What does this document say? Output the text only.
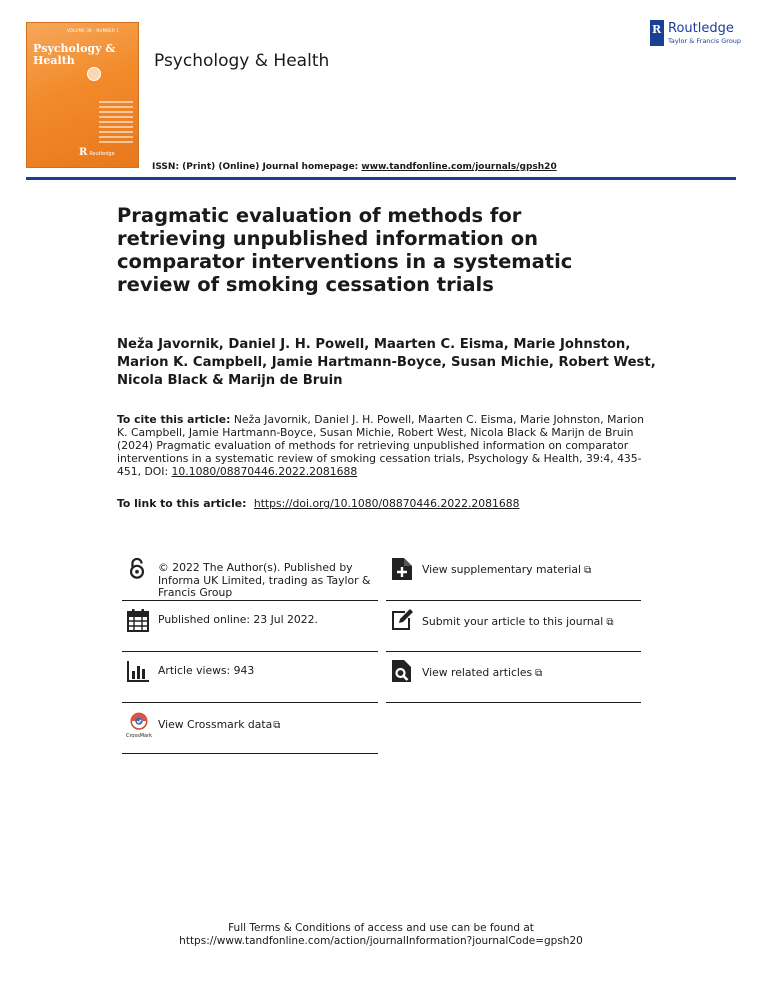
VOLUME 38 · NUMBER 1
Psychology & Health
R Routledge
Psychology & Health
R
Routledge
Taylor & Francis Group
ISSN: (Print) (Online) Journal homepage: www.tandfonline.com/journals/gpsh20
Pragmatic evaluation of methods for retrieving unpublished information on comparator interventions in a systematic review of smoking cessation trials
Neža Javornik, Daniel J. H. Powell, Maarten C. Eisma, Marie Johnston, Marion K. Campbell, Jamie Hartmann-Boyce, Susan Michie, Robert West, Nicola Black & Marijn de Bruin
To cite this article: Neža Javornik, Daniel J. H. Powell, Maarten C. Eisma, Marie Johnston, Marion K. Campbell, Jamie Hartmann-Boyce, Susan Michie, Robert West, Nicola Black & Marijn de Bruin (2024) Pragmatic evaluation of methods for retrieving unpublished information on comparator interventions in a systematic review of smoking cessation trials, Psychology & Health, 39:4, 435-451, DOI: 10.1080/08870446.2022.2081688
To link to this article: https://doi.org/10.1080/08870446.2022.2081688
© 2022 The Author(s). Published by Informa UK Limited, trading as Taylor & Francis Group
View supplementary material ⧉
Published online: 23 Jul 2022.	Submit your article to this journal ⧉
Article views: 943	View related articles ⧉
CrossMark
View Crossmark data⧉
Full Terms & Conditions of access and use can be found at
https://www.tandfonline.com/action/journalInformation?journalCode=gpsh20
